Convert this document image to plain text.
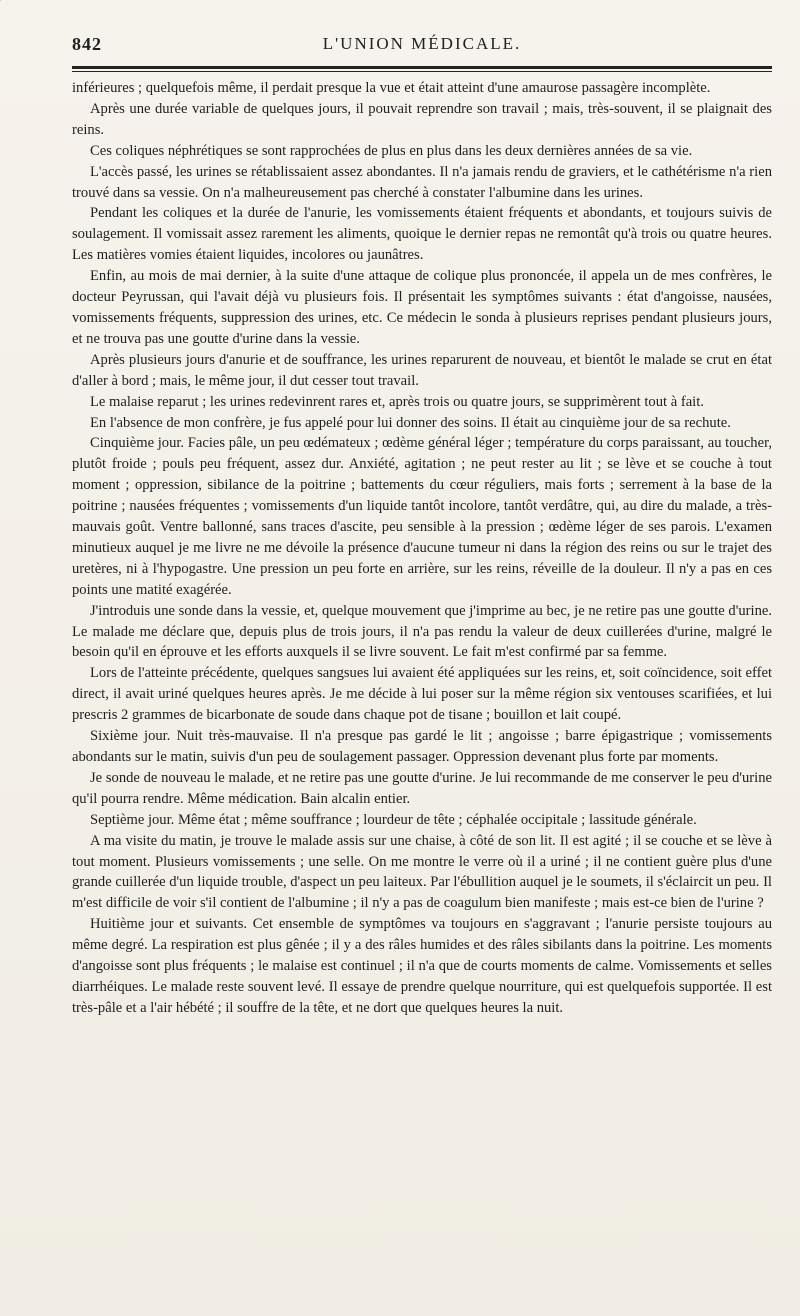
842	L'UNION MÉDICALE.

inférieures ; quelquefois même, il perdait presque la vue et était atteint d'une amaurose passagère incomplète.

Après une durée variable de quelques jours, il pouvait reprendre son travail ; mais, très-souvent, il se plaignait des reins.

Ces coliques néphrétiques se sont rapprochées de plus en plus dans les deux dernières années de sa vie.

L'accès passé, les urines se rétablissaient assez abondantes. Il n'a jamais rendu de graviers, et le cathétérisme n'a rien trouvé dans sa vessie. On n'a malheureusement pas cherché à constater l'albumine dans les urines.

Pendant les coliques et la durée de l'anurie, les vomissements étaient fréquents et abondants, et toujours suivis de soulagement. Il vomissait assez rarement les aliments, quoique le dernier repas ne remontât qu'à trois ou quatre heures. Les matières vomies étaient liquides, incolores ou jaunâtres.

Enfin, au mois de mai dernier, à la suite d'une attaque de colique plus prononcée, il appela un de mes confrères, le docteur Peyrussan, qui l'avait déjà vu plusieurs fois. Il présentait les symptômes suivants : état d'angoisse, nausées, vomissements fréquents, suppression des urines, etc. Ce médecin le sonda à plusieurs reprises pendant plusieurs jours, et ne trouva pas une goutte d'urine dans la vessie.

Après plusieurs jours d'anurie et de souffrance, les urines reparurent de nouveau, et bientôt le malade se crut en état d'aller à bord ; mais, le même jour, il dut cesser tout travail.

Le malaise reparut ; les urines redevinrent rares et, après trois ou quatre jours, se supprimèrent tout à fait.

En l'absence de mon confrère, je fus appelé pour lui donner des soins. Il était au cinquième jour de sa rechute.

Cinquième jour. Facies pâle, un peu œdémateux ; œdème général léger ; température du corps paraissant, au toucher, plutôt froide ; pouls peu fréquent, assez dur. Anxiété, agitation ; ne peut rester au lit ; se lève et se couche à tout moment ; oppression, sibilance de la poitrine ; battements du cœur réguliers, mais forts ; serrement à la base de la poitrine ; nausées fréquentes ; vomissements d'un liquide tantôt incolore, tantôt verdâtre, qui, au dire du malade, a très-mauvais goût. Ventre ballonné, sans traces d'ascite, peu sensible à la pression ; œdème léger de ses parois. L'examen minutieux auquel je me livre ne me dévoile la présence d'aucune tumeur ni dans la région des reins ou sur le trajet des uretères, ni à l'hypogastre. Une pression un peu forte en arrière, sur les reins, réveille de la douleur. Il n'y a pas en ces points une matité exagérée.

J'introduis une sonde dans la vessie, et, quelque mouvement que j'imprime au bec, je ne retire pas une goutte d'urine. Le malade me déclare que, depuis plus de trois jours, il n'a pas rendu la valeur de deux cuillerées d'urine, malgré le besoin qu'il en éprouve et les efforts auxquels il se livre souvent. Le fait m'est confirmé par sa femme.

Lors de l'atteinte précédente, quelques sangsues lui avaient été appliquées sur les reins, et, soit coïncidence, soit effet direct, il avait uriné quelques heures après. Je me décide à lui poser sur la même région six ventouses scarifiées, et lui prescris 2 grammes de bicarbonate de soude dans chaque pot de tisane ; bouillon et lait coupé.

Sixième jour. Nuit très-mauvaise. Il n'a presque pas gardé le lit ; angoisse ; barre épigastrique ; vomissements abondants sur le matin, suivis d'un peu de soulagement passager. Oppression devenant plus forte par moments.

Je sonde de nouveau le malade, et ne retire pas une goutte d'urine. Je lui recommande de me conserver le peu d'urine qu'il pourra rendre. Même médication. Bain alcalin entier.

Septième jour. Même état ; même souffrance ; lourdeur de tête ; céphalée occipitale ; lassitude générale.

A ma visite du matin, je trouve le malade assis sur une chaise, à côté de son lit. Il est agité ; il se couche et se lève à tout moment. Plusieurs vomissements ; une selle. On me montre le verre où il a uriné ; il ne contient guère plus d'une grande cuillerée d'un liquide trouble, d'aspect un peu laiteux. Par l'ébullition auquel je le soumets, il s'éclaircit un peu. Il m'est difficile de voir s'il contient de l'albumine ; il n'y a pas de coagulum bien manifeste ; mais est-ce bien de l'urine ?

Huitième jour et suivants. Cet ensemble de symptômes va toujours en s'aggravant ; l'anurie persiste toujours au même degré. La respiration est plus gênée ; il y a des râles humides et des râles sibilants dans la poitrine. Les moments d'angoisse sont plus fréquents ; le malaise est continuel ; il n'a que de courts moments de calme. Vomissements et selles diarrhéiques. Le malade reste souvent levé. Il essaye de prendre quelque nourriture, qui est quelquefois supportée. Il est très-pâle et a l'air hébété ; il souffre de la tête, et ne dort que quelques heures la nuit.
